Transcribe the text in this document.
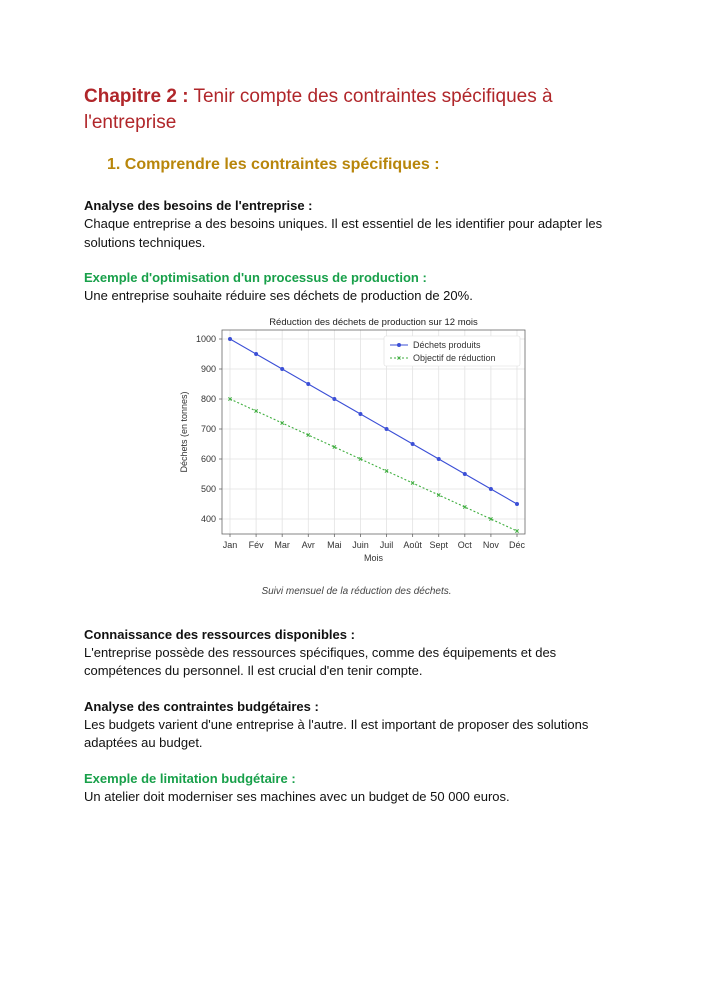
Chapitre 2 : Tenir compte des contraintes spécifiques à l'entreprise
1. Comprendre les contraintes spécifiques :
Analyse des besoins de l'entreprise :
Chaque entreprise a des besoins uniques. Il est essentiel de les identifier pour adapter les solutions techniques.
Exemple d'optimisation d'un processus de production :
Une entreprise souhaite réduire ses déchets de production de 20%.
Réduction des déchets de production sur 12 mois
400
500
600
700
800
900
1000
Jan Fév Mar Avr Mai Juin Juil Août Sept Oct Nov Déc
Mois
Déchets (en tonnes)
Déchets produits
Objectif de réduction
Suivi mensuel de la réduction des déchets.
Connaissance des ressources disponibles :
L'entreprise possède des ressources spécifiques, comme des équipements et des compétences du personnel. Il est crucial d'en tenir compte.
Analyse des contraintes budgétaires :
Les budgets varient d'une entreprise à l'autre. Il est important de proposer des solutions adaptées au budget.
Exemple de limitation budgétaire :
Un atelier doit moderniser ses machines avec un budget de 50 000 euros.
